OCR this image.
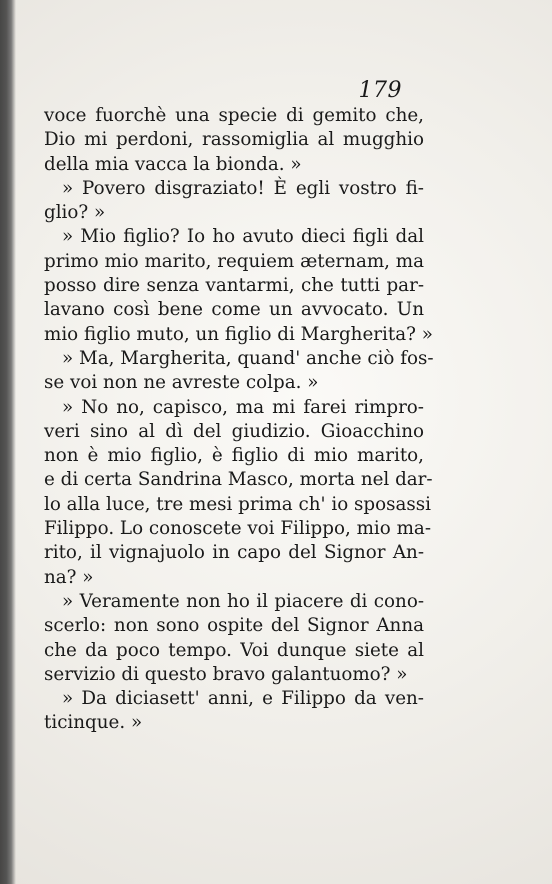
179
voce fuorchè una specie di gemito che,
Dio mi perdoni, rassomiglia al mugghio
della mia vacca la bionda. »
» Povero disgraziato! È egli vostro fi-
glio? »
» Mio figlio? Io ho avuto dieci figli dal
primo mio marito, requiem æternam, ma
posso dire senza vantarmi, che tutti par-
lavano così bene come un avvocato. Un
mio figlio muto, un figlio di Margherita? »
» Ma, Margherita, quand' anche ciò fos-
se voi non ne avreste colpa. »
» No no, capisco, ma mi farei rimpro-
veri sino al dì del giudizio. Gioacchino
non è mio figlio, è figlio di mio marito,
e di certa Sandrina Masco, morta nel dar-
lo alla luce, tre mesi prima ch' io sposassi
Filippo. Lo conoscete voi Filippo, mio ma-
rito, il vignajuolo in capo del Signor An-
na? »
» Veramente non ho il piacere di cono-
scerlo: non sono ospite del Signor Anna
che da poco tempo. Voi dunque siete al
servizio di questo bravo galantuomo? »
» Da diciasett' anni, e Filippo da ven-
ticinque. »
